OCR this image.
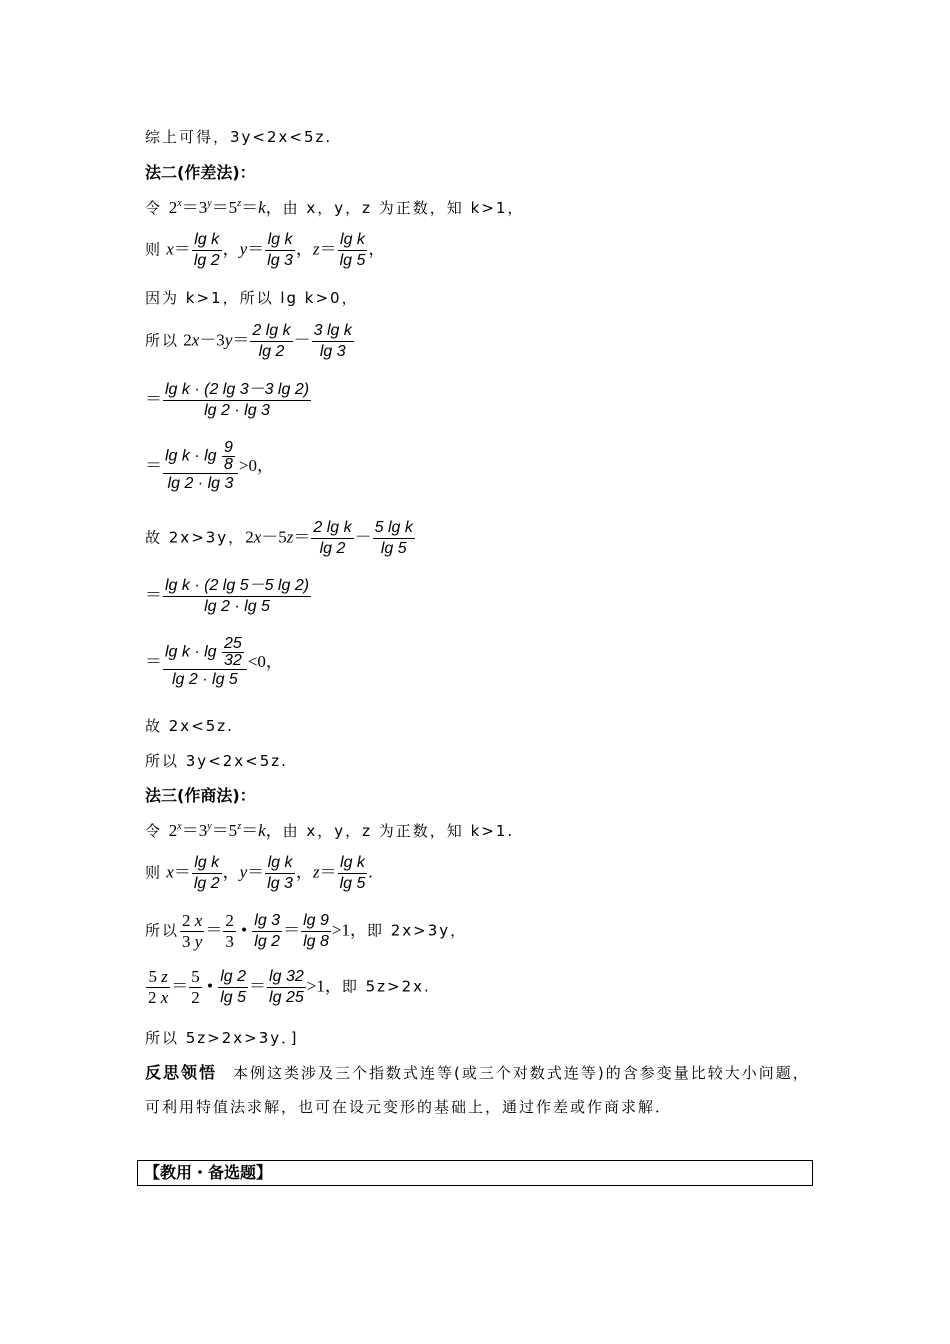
综上可得，3y<2x<5z.
法二(作差法)：
令 $2^x=3^y=5^z=k$，由 x，y，z 为正数，知 k>1，
则 $x= \frac{\text{lg k}}{\lg 2}$ ，$y= \frac{\text{lg k}}{\lg 3}$ ，$z= \frac{\text{lg k}}{\lg 5}$ ，
因为 k>1，所以 lg k>0，
所以 $2x-3y= \frac{\text{2 lg k}}{\lg 2} - \frac{\text{3 lg k}}{\lg 3}$
＝ $\frac{\text{lg k · (2 lg 3－3 lg 2)}}{\lg 2 \cdot \lg 3}$
＝ $\frac{\lg k \cdot \lg \frac{9}{8}}{\lg 2 \cdot \lg 3} >0$，
故 2x>3y，$2x-5z= \frac{\text{2 lg k}}{\lg 2} - \frac{\text{5 lg k}}{\lg 5}$
＝ $\frac{\text{lg k · (2 lg 5－5 lg 2)}}{\lg 2 \cdot \lg 5}$
＝ $\frac{\lg k \cdot \lg \frac{25}{32}}{\lg 2 \cdot \lg 5} <0$，
故 2x<5z.
所以 3y<2x<5z.
法三(作商法)：
令 $2^x=3^y=5^z=k$，由 x，y，z 为正数，知 k>1.
则 $x= \frac{\text{lg k}}{\lg 2}$ ，$y= \frac{\text{lg k}}{\lg 3}$ ，$z= \frac{\text{lg k}}{\lg 5}$ .
所以 $\frac{2 x}{3 y} = \frac{2}{3}$ • $\frac{\lg 3}{\lg 2} = \frac{\lg 9}{\lg 8} >1$，即 2x>3y，
$\frac{5 z}{2 x} = \frac{5}{2}$ • $\frac{\lg 2}{\lg 5} = \frac{\lg 32}{\lg 25} >1$，即 5z>2x.
所以 5z>2x>3y．]
反思领悟 本例这类涉及三个指数式连等(或三个对数式连等)的含参变量比较大小问题，可利用特值法求解，也可在设元变形的基础上，通过作差或作商求解．
【教用・备选题】
